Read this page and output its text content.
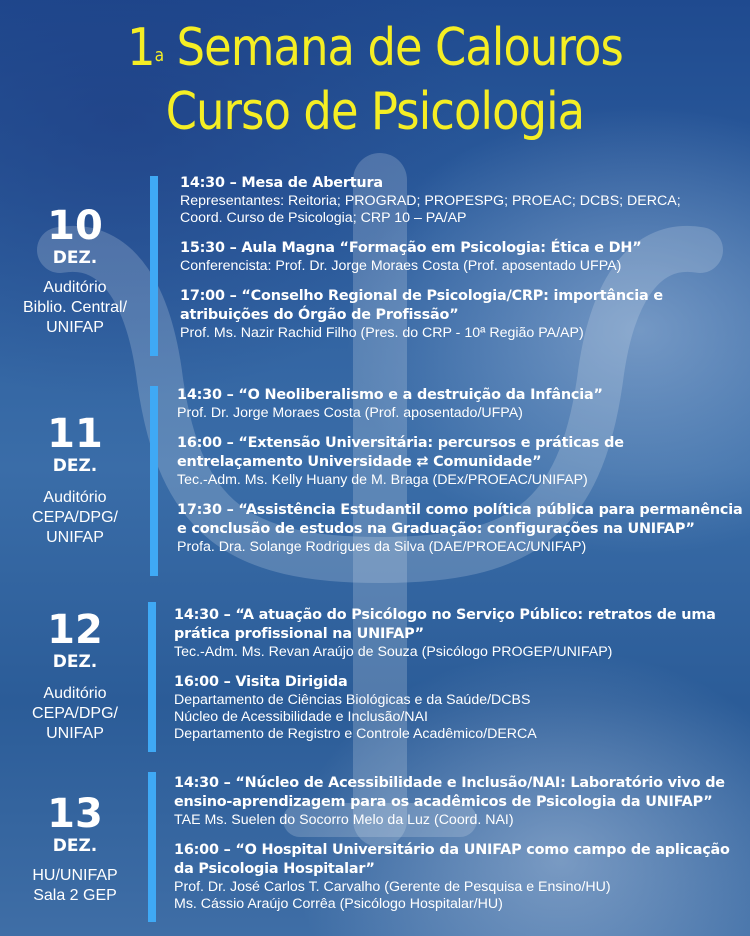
1$^a$ Semana de Calouros
Curso de Psicologia
10
DEZ.
Auditório
Biblio. Central/
UNIFAP
14:30 – Mesa de Abertura
Representantes: Reitoria; PROGRAD; PROPESPG; PROEAC; DCBS; DERCA;
Coord. Curso de Psicologia; CRP 10 – PA/AP
15:30 – Aula Magna “Formação em Psicologia: Ética e DH”
Conferencista: Prof. Dr. Jorge Moraes Costa (Prof. aposentado UFPA)
17:00 – “Conselho Regional de Psicologia/CRP: importância e atribuições do Órgão de Profissão”
Prof. Ms. Nazir Rachid Filho (Pres. do CRP - 10ª Região PA/AP)
11
DEZ.
Auditório
CEPA/DPG/
UNIFAP
14:30 – “O Neoliberalismo e a destruição da Infância”
Prof. Dr. Jorge Moraes Costa (Prof. aposentado/UFPA)
16:00 – “Extensão Universitária: percursos e práticas de entrelaçamento Universidade ⇄ Comunidade”
Tec.-Adm. Ms. Kelly Huany de M. Braga (DEx/PROEAC/UNIFAP)
17:30 – “Assistência Estudantil como política pública para permanência e conclusão de estudos na Graduação: configurações na UNIFAP”
Profa. Dra. Solange Rodrigues da Silva (DAE/PROEAC/UNIFAP)
12
DEZ.
Auditório
CEPA/DPG/
UNIFAP
14:30 – “A atuação do Psicólogo no Serviço Público: retratos de uma prática profissional na UNIFAP”
Tec.-Adm. Ms. Revan Araújo de Souza (Psicólogo PROGEP/UNIFAP)
16:00 – Visita Dirigida
Departamento de Ciências Biológicas e da Saúde/DCBS
Núcleo de Acessibilidade e Inclusão/NAI
Departamento de Registro e Controle Acadêmico/DERCA
13
DEZ.
HU/UNIFAP
Sala 2 GEP
14:30 – “Núcleo de Acessibilidade e Inclusão/NAI: Laboratório vivo de ensino-aprendizagem para os acadêmicos de Psicologia da UNIFAP”
TAE Ms. Suelen do Socorro Melo da Luz (Coord. NAI)
16:00 – “O Hospital Universitário da UNIFAP como campo de aplicação da Psicologia Hospitalar”
Prof. Dr. José Carlos T. Carvalho (Gerente de Pesquisa e Ensino/HU)
Ms. Cássio Araújo Corrêa (Psicólogo Hospitalar/HU)
